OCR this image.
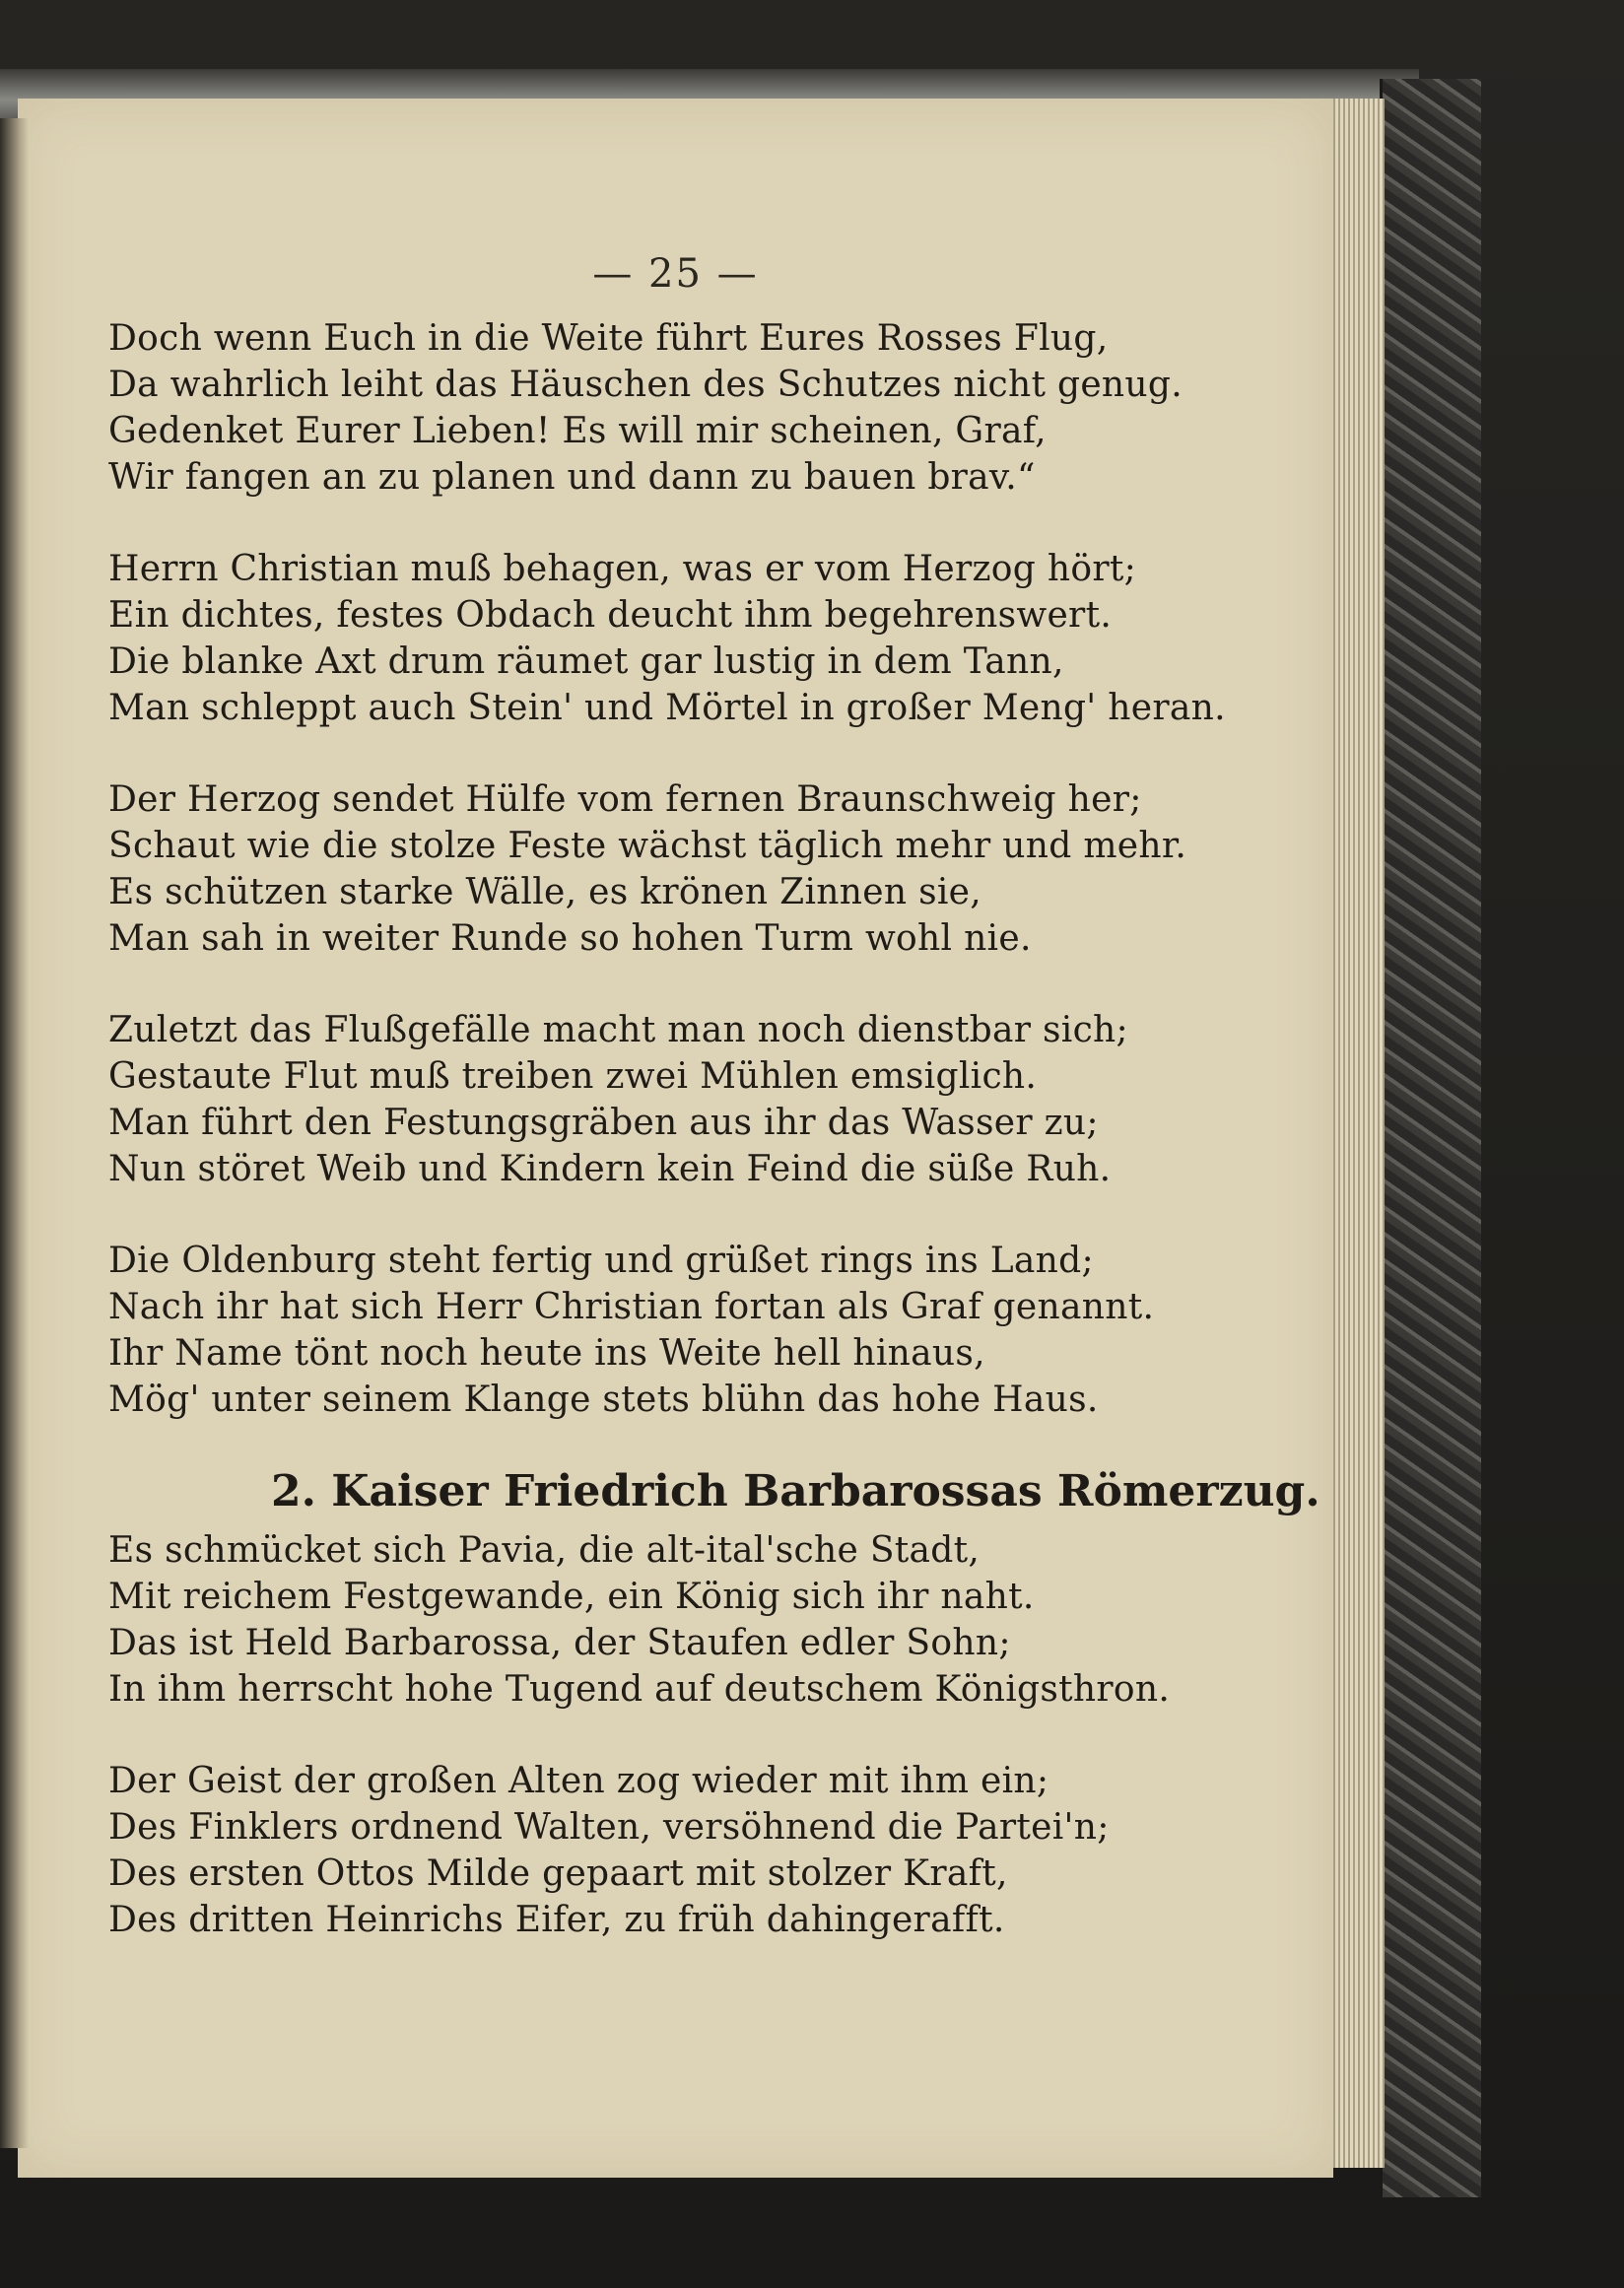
— 25 —
Doch wenn Euch in die Weite führt Eures Rosses Flug,
Da wahrlich leiht das Häuschen des Schutzes nicht genug.
Gedenket Eurer Lieben! Es will mir scheinen, Graf,
Wir fangen an zu planen und dann zu bauen brav.“
Herrn Christian muß behagen, was er vom Herzog hört;
Ein dichtes, festes Obdach deucht ihm begehrenswert.
Die blanke Axt drum räumet gar lustig in dem Tann,
Man schleppt auch Stein' und Mörtel in großer Meng' heran.
Der Herzog sendet Hülfe vom fernen Braunschweig her;
Schaut wie die stolze Feste wächst täglich mehr und mehr.
Es schützen starke Wälle, es krönen Zinnen sie,
Man sah in weiter Runde so hohen Turm wohl nie.
Zuletzt das Flußgefälle macht man noch dienstbar sich;
Gestaute Flut muß treiben zwei Mühlen emsiglich.
Man führt den Festungsgräben aus ihr das Wasser zu;
Nun störet Weib und Kindern kein Feind die süße Ruh.
Die Oldenburg steht fertig und grüßet rings ins Land;
Nach ihr hat sich Herr Christian fortan als Graf genannt.
Ihr Name tönt noch heute ins Weite hell hinaus,
Mög' unter seinem Klange stets blühn das hohe Haus.
2. Kaiser Friedrich Barbarossas Römerzug.
Es schmücket sich Pavia, die alt-ital'sche Stadt,
Mit reichem Festgewande, ein König sich ihr naht.
Das ist Held Barbarossa, der Staufen edler Sohn;
In ihm herrscht hohe Tugend auf deutschem Königsthron.
Der Geist der großen Alten zog wieder mit ihm ein;
Des Finklers ordnend Walten, versöhnend die Partei'n;
Des ersten Ottos Milde gepaart mit stolzer Kraft,
Des dritten Heinrichs Eifer, zu früh dahingerafft.
